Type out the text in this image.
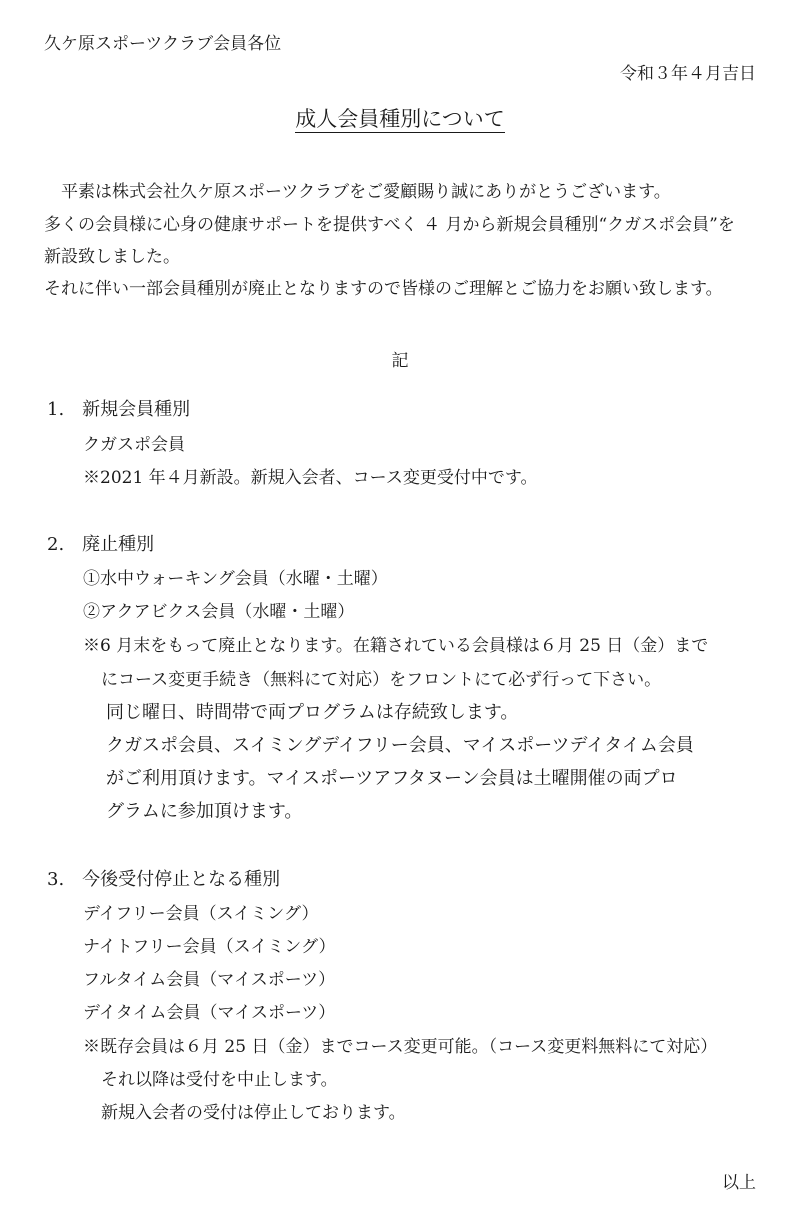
久ケ原スポーツクラブ会員各位
令和３年４月吉日
成人会員種別について
　平素は株式会社久ケ原スポーツクラブをご愛顧賜り誠にありがとうございます。
多くの会員様に心身の健康サポートを提供すべく ４ 月から新規会員種別“クガスポ会員”を
新設致しました。
それに伴い一部会員種別が廃止となりますので皆様のご理解とご協力をお願い致します。
記
1.　新規会員種別
クガスポ会員
※2021 年４月新設。新規入会者、コース変更受付中です。
2.　廃止種別
①水中ウォーキング会員（水曜・土曜）
②アクアビクス会員（水曜・土曜）
※6 月末をもって廃止となります。在籍されている会員様は６月 25 日（金）まで
にコース変更手続き（無料にて対応）をフロントにて必ず行って下さい。
同じ曜日、時間帯で両プログラムは存続致します。
クガスポ会員、スイミングデイフリー会員、マイスポーツデイタイム会員
がご利用頂けます。マイスポーツアフタヌーン会員は土曜開催の両プロ
グラムに参加頂けます。
3.　今後受付停止となる種別
デイフリー会員（スイミング）
ナイトフリー会員（スイミング）
フルタイム会員（マイスポーツ）
デイタイム会員（マイスポーツ）
※既存会員は６月 25 日（金）までコース変更可能。（コース変更料無料にて対応）
それ以降は受付を中止します。
新規入会者の受付は停止しております。
以上
